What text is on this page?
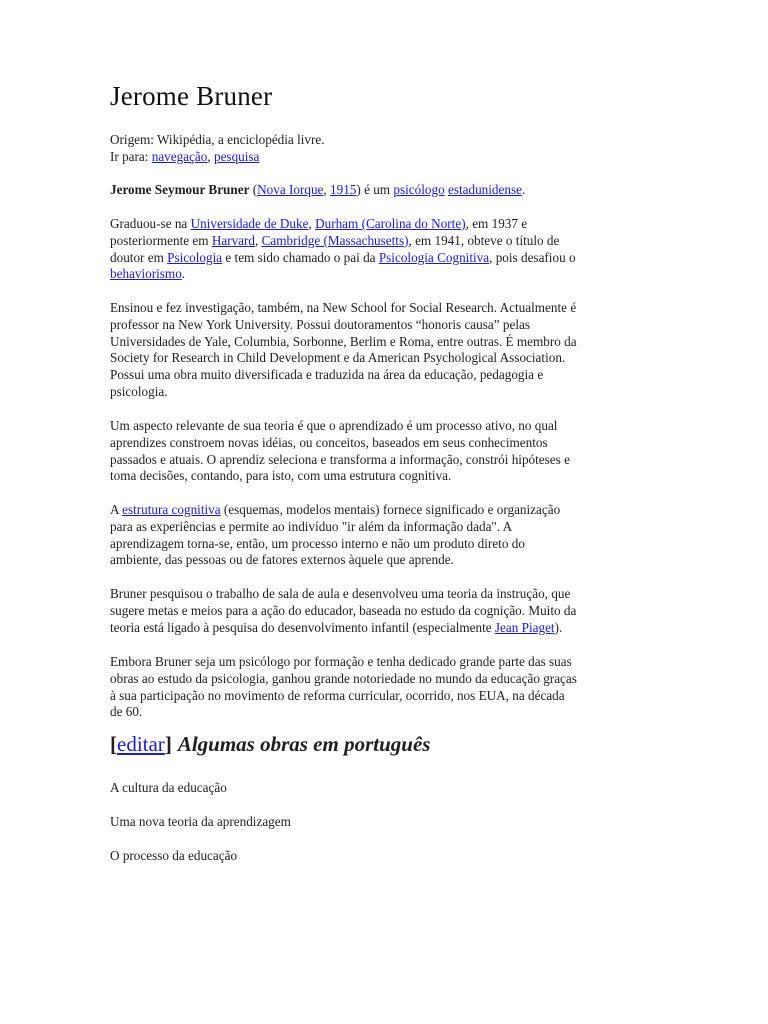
Jerome Bruner
Origem: Wikipédia, a enciclopédia livre.
Ir para: navegação, pesquisa

Jerome Seymour Bruner (Nova Iorque, 1915) é um psicólogo estadunidense.

Graduou-se na Universidade de Duke, Durham (Carolina do Norte), em 1937 e
posteriormente em Harvard, Cambridge (Massachusetts), em 1941, obteve o título de
doutor em Psicologia e tem sido chamado o pai da Psicologia Cognitiva, pois desafiou o
behaviorismo.

Ensinou e fez investigação, também, na New School for Social Research. Actualmente é
professor na New York University. Possui doutoramentos “honoris causa” pelas
Universidades de Yale, Columbia, Sorbonne, Berlim e Roma, entre outras. É membro da
Society for Research in Child Development e da American Psychological Association.
Possui uma obra muito diversificada e traduzida na área da educação, pedagogia e
psicologia.

Um aspecto relevante de sua teoria é que o aprendizado é um processo ativo, no qual
aprendizes constroem novas idéias, ou conceitos, baseados em seus conhecimentos
passados e atuais. O aprendiz seleciona e transforma a informação, constrói hipóteses e
toma decisões, contando, para isto, com uma estrutura cognitiva.

A estrutura cognitiva (esquemas, modelos mentais) fornece significado e organização
para as experiências e permite ao indivíduo "ir além da informação dada". A
aprendizagem torna-se, então, um processo interno e não um produto direto do
ambiente, das pessoas ou de fatores externos àquele que aprende.

Bruner pesquisou o trabalho de sala de aula e desenvolveu uma teoria da instrução, que
sugere metas e meios para a ação do educador, baseada no estudo da cognição. Muito da
teoria está ligado à pesquisa do desenvolvimento infantil (especialmente Jean Piaget).

Embora Bruner seja um psicólogo por formação e tenha dedicado grande parte das suas
obras ao estudo da psicologia, ganhou grande notoriedade no mundo da educação graças
à sua participação no movimento de reforma curricular, ocorrido, nos EUA, na década
de 60.

[editar] Algumas obras em português
A cultura da educação
Uma nova teoria da aprendizagem
O processo da educação
